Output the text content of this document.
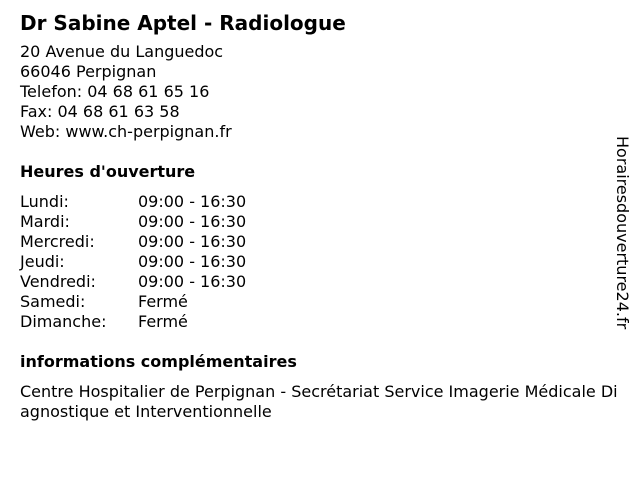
Dr Sabine Aptel - Radiologue
20 Avenue du Languedoc
66046 Perpignan
Telefon: 04 68 61 65 16
Fax: 04 68 61 63 58
Web: www.ch-perpignan.fr
Heures d'ouverture
Lundi:	09:00 - 16:30
Mardi:	09:00 - 16:30
Mercredi:	09:00 - 16:30
Jeudi:	09:00 - 16:30
Vendredi:	09:00 - 16:30
Samedi:	Fermé
Dimanche:	Fermé
informations complémentaires
Centre Hospitalier de Perpignan - Secrétariat Service Imagerie Médicale Diagnostique et Interventionnelle
Horairesdouverture24.fr
